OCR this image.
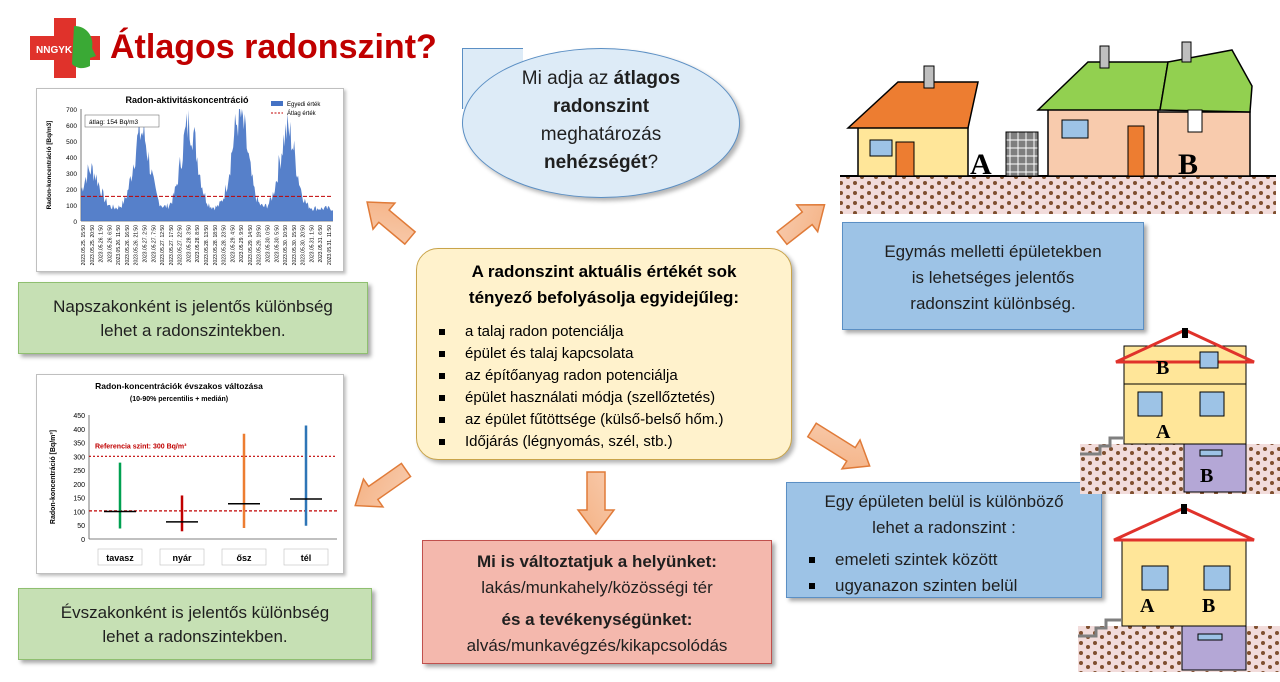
NNGYK Átlagos radonszint?
Radon-aktivitáskoncentráció
0
100
200
300
400
500
600
700
Radon-koncentráció [Bq/m3]	átlag: 154 Bq/m3
Egyedi érték
Átlag érték
2023.05.25. 15:50 2023.05.25. 20:50 2023.05.26. 1:50 2023.05.26. 6:50 2023.05.26. 11:50 2023.05.26. 16:50 2023.05.26. 21:50 2023.05.27. 2:50 2023.05.27. 7:50 2023.05.27. 12:50 2023.05.27. 17:50 2023.05.27. 22:50 2023.05.28. 3:50 2023.05.28. 8:50 2023.05.28. 13:50 2023.05.28. 18:50 2023.05.28. 23:50 2023.05.29. 4:50 2023.05.29. 9:50 2023.05.29. 14:50 2023.05.29. 19:50 2023.05.30. 0:50 2023.05.30. 5:50 2023.05.30. 10:50 2023.05.30. 15:50 2023.05.30. 20:50 2023.05.31. 1:50 2023.05.31. 6:50 2023.05.31. 11:50
Napszakonként is jelentős különbség
lehet a radonszintekben.
Radon-koncentrációk évszakos változása
(10-90% percentilis + medián)
0
50
100
150
200
250
300
350
400
450
Radon-koncentráció [Bq/m³]	Referencia szint: 300 Bq/m³
tavasz	nyár	ősz	tél
Évszakonként is jelentős különbség
lehet a radonszintekben.
Mi adja az átlagos
radonszint
meghatározás
nehézségét?
A radonszint aktuális értékét sok
tényező befolyásolja egyidejűleg:
a talaj radon potenciálja
épület és talaj kapcsolata
az építőanyag radon potenciálja
épület használati módja (szellőztetés)
az épület fűtöttsége (külső-belső hőm.)
Időjárás (légnyomás, szél, stb.)
Mi is változtatjuk a helyünket:
lakás/munkahely/közösségi tér
és a tevékenységünket:
alvás/munkavégzés/kikapcsolódás
Egymás melletti épületekben
is lehetséges jelentős
radonszint különbség.
Egy épületen belül is különböző
lehet a radonszint :
emeleti szintek között
ugyanazon szinten belül
A	B
B
A
B
A B
